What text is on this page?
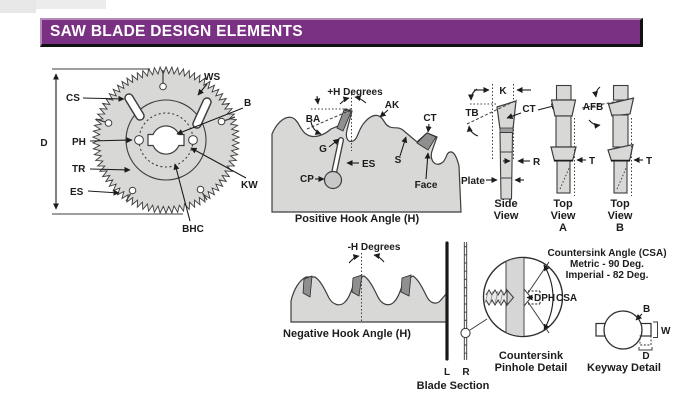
D
CS
WS
B
PH
TR
ES
KW
BHC
+H Degrees
BA
G
ES
CP
AK
CT
S
Face
Positive Hook Angle (H)
-H Degrees
Negative Hook Angle (H)
K
TB	CT
R
Plate
Side
View
T
Top
View
A
AFB
T
Top
View
B
L R
Blade Section
DPH CSA
Countersink
Pinhole Detail
Countersink Angle (CSA)
Metric - 90 Deg.
Imperial - 82 Deg.
W
D
B
Keyway Detail
SAW BLADE DESIGN ELEMENTS
